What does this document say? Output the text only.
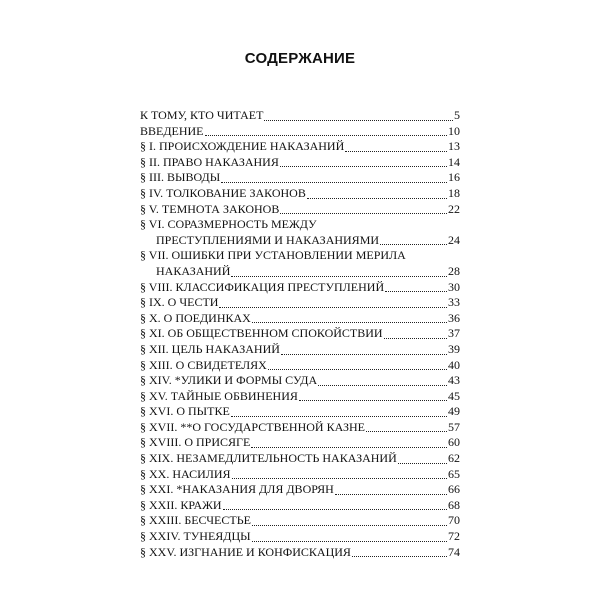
СОДЕРЖАНИЕ
К ТОМУ, КТО ЧИТАЕТ	5
ВВЕДЕНИЕ	10
§ I. ПРОИСХОЖДЕНИЕ НАКАЗАНИЙ	13
§ II. ПРАВО НАКАЗАНИЯ	14
§ III. ВЫВОДЫ	16
§ IV. ТОЛКОВАНИЕ ЗАКОНОВ	18
§ V. ТЕМНОТА ЗАКОНОВ	22
§ VI. СОРАЗМЕРНОСТЬ МЕЖДУ
ПРЕСТУПЛЕНИЯМИ И НАКАЗАНИЯМИ	24
§ VII. ОШИБКИ ПРИ УСТАНОВЛЕНИИ МЕРИЛА
НАКАЗАНИЙ	28
§ VIII. КЛАССИФИКАЦИЯ ПРЕСТУПЛЕНИЙ	30
§ IX. О ЧЕСТИ	33
§ X. О ПОЕДИНКАХ	36
§ XI. ОБ ОБЩЕСТВЕННОМ СПОКОЙСТВИИ	37
§ XII. ЦЕЛЬ НАКАЗАНИЙ	39
§ XIII. О СВИДЕТЕЛЯХ	40
§ XIV. *УЛИКИ И ФОРМЫ СУДА	43
§ XV. ТАЙНЫЕ ОБВИНЕНИЯ	45
§ XVI. О ПЫТКЕ	49
§ XVII. **О ГОСУДАРСТВЕННОЙ КАЗНЕ	57
§ XVIII. О ПРИСЯГЕ	60
§ XIX. НЕЗАМЕДЛИТЕЛЬНОСТЬ НАКАЗАНИЙ	62
§ XX. НАСИЛИЯ	65
§ XXI. *НАКАЗАНИЯ ДЛЯ ДВОРЯН	66
§ XXII. КРАЖИ	68
§ XXIII. БЕСЧЕСТЬЕ	70
§ XXIV. ТУНЕЯДЦЫ	72
§ XXV. ИЗГНАНИЕ И КОНФИСКАЦИЯ	74
